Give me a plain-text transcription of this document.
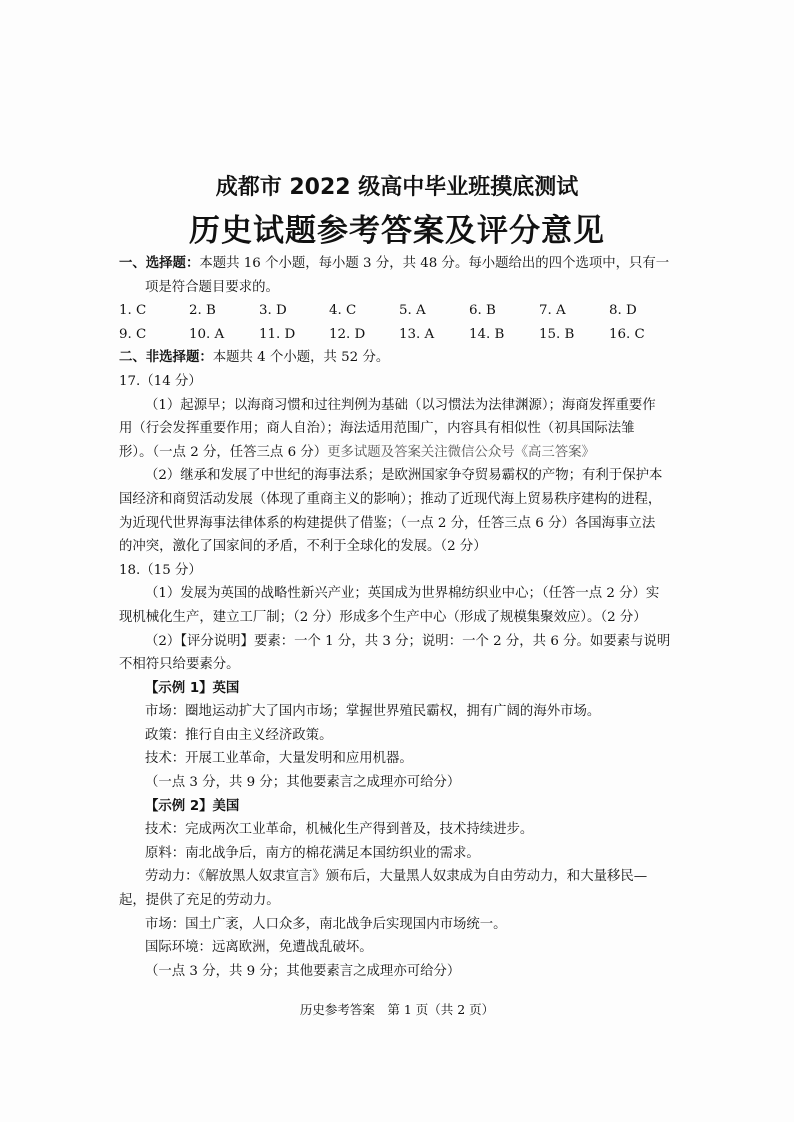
成都市 2022 级高中毕业班摸底测试
历史试题参考答案及评分意见

一、选择题：本题共 16 个小题，每小题 3 分，共 48 分。每小题给出的四个选项中，只有一

项是符合题目要求的。

1. C	2. B	3. D	4. C	5. A	6. B	7. A	8. D
9. C	10. A	11. D	12. D	13. A	14. B	15. B	16. C

二、非选择题：本题共 4 个小题，共 52 分。

17.（14 分）

（1）起源早；以海商习惯和过往判例为基础（以习惯法为法律渊源）；海商发挥重要作

用（行会发挥重要作用；商人自治）；海法适用范围广，内容具有相似性（初具国际法雏

形）。（一点 2 分，任答三点 6 分）更多试题及答案关注微信公众号《高三答案》

（2）继承和发展了中世纪的海事法系；是欧洲国家争夺贸易霸权的产物；有利于保护本

国经济和商贸活动发展（体现了重商主义的影响）；推动了近现代海上贸易秩序建构的进程，

为近现代世界海事法律体系的构建提供了借鉴；（一点 2 分，任答三点 6 分）各国海事立法

的冲突，激化了国家间的矛盾，不利于全球化的发展。（2 分）

18.（15 分）

（1）发展为英国的战略性新兴产业；英国成为世界棉纺织业中心；（任答一点 2 分）实

现机械化生产，建立工厂制；（2 分）形成多个生产中心（形成了规模集聚效应）。（2 分）

（2）【评分说明】要素：一个 1 分，共 3 分；说明：一个 2 分，共 6 分。如要素与说明

不相符只给要素分。

【示例 1】英国

市场：圈地运动扩大了国内市场；掌握世界殖民霸权，拥有广阔的海外市场。

政策：推行自由主义经济政策。

技术：开展工业革命，大量发明和应用机器。

（一点 3 分，共 9 分；其他要素言之成理亦可给分）

【示例 2】美国

技术：完成两次工业革命，机械化生产得到普及，技术持续进步。

原料：南北战争后，南方的棉花满足本国纺织业的需求。

劳动力：《解放黑人奴隶宣言》颁布后，大量黑人奴隶成为自由劳动力，和大量移民—

起，提供了充足的劳动力。

市场：国土广袤，人口众多，南北战争后实现国内市场统一。

国际环境：远离欧洲，免遭战乱破坏。

（一点 3 分，共 9 分；其他要素言之成理亦可给分）

历史参考答案　第 1 页（共 2 页）
